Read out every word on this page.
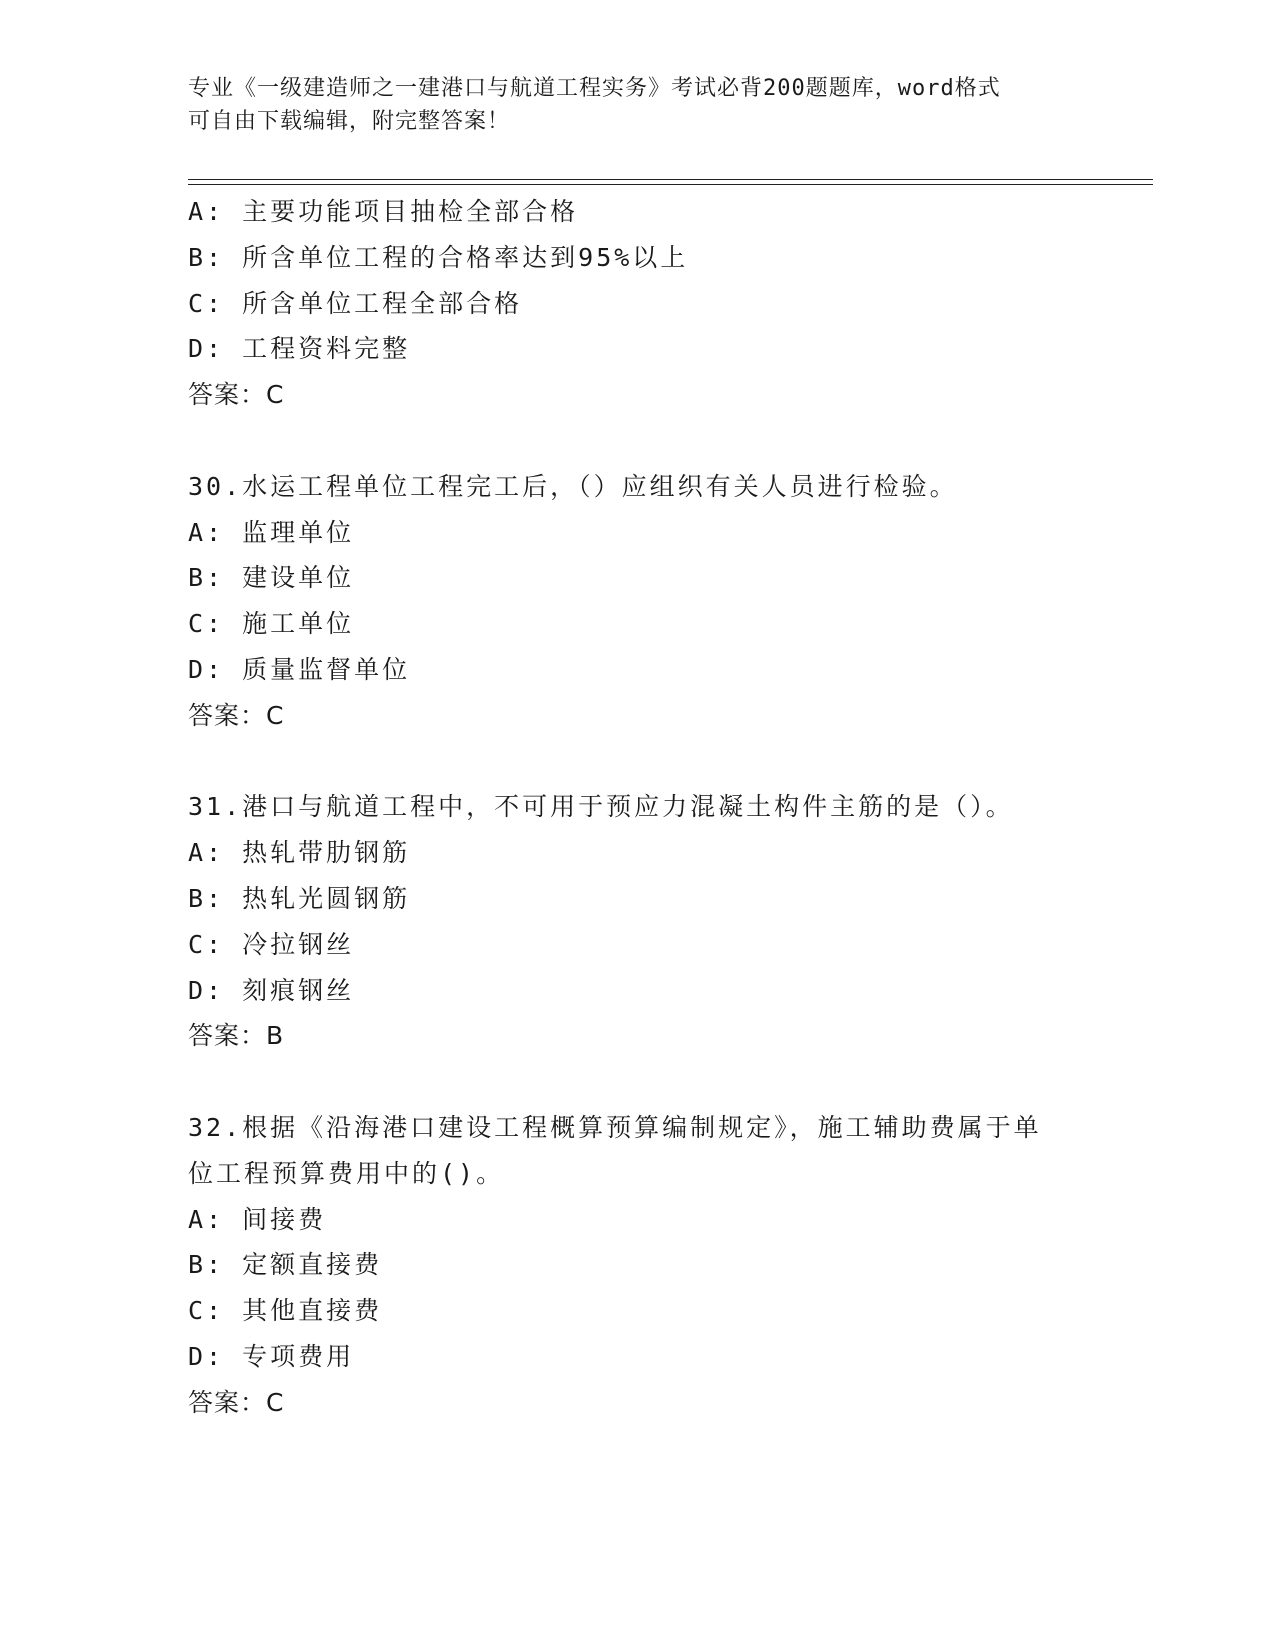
专业《一级建造师之一建港口与航道工程实务》考试必背200题题库，word格式
可自由下载编辑，附完整答案！
A: 主要功能项目抽检全部合格
B: 所含单位工程的合格率达到95%以上
C: 所含单位工程全部合格
D: 工程资料完整
答案：C
30.水运工程单位工程完工后，（）应组织有关人员进行检验。
A: 监理单位
B: 建设单位
C: 施工单位
D: 质量监督单位
答案：C
31.港口与航道工程中，不可用于预应力混凝土构件主筋的是（）。
A: 热轧带肋钢筋
B: 热轧光圆钢筋
C: 冷拉钢丝
D: 刻痕钢丝
答案：B
32.根据《沿海港口建设工程概算预算编制规定》，施工辅助费属于单
位工程预算费用中的()。
A: 间接费
B: 定额直接费
C: 其他直接费
D: 专项费用
答案：C
